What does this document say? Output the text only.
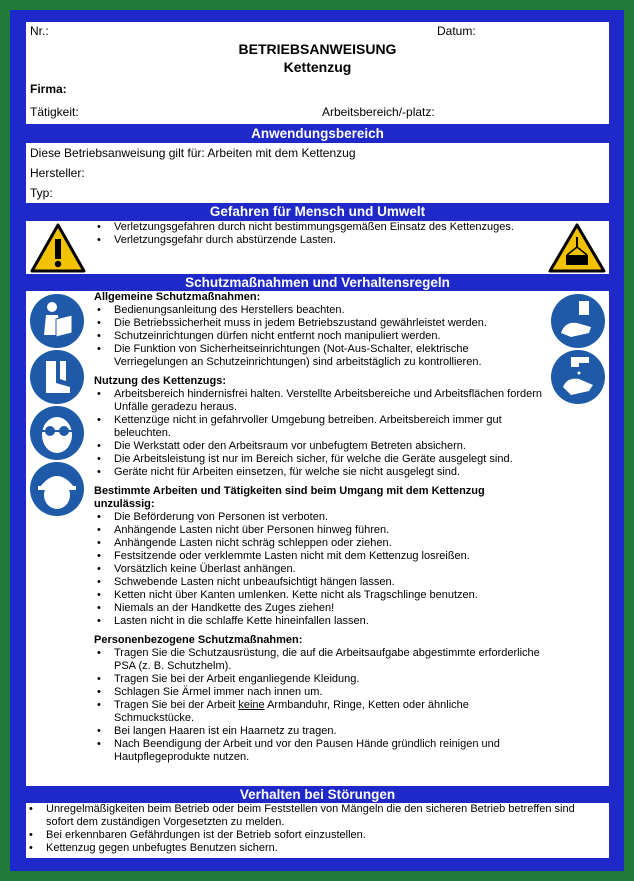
Nr.:	Datum:
BETRIEBSANWEISUNG
Kettenzug
Firma:
Tätigkeit:	Arbeitsbereich/-platz:
Anwendungsbereich
Diese Betriebsanweisung gilt für: Arbeiten mit dem Kettenzug
Hersteller:
Typ:
Gefahren für Mensch und Umwelt
• Verletzungsgefahren durch nicht bestimmungsgemäßen Einsatz des Kettenzuges.
• Verletzungsgefahr durch abstürzende Lasten.
Schutzmaßnahmen und Verhaltensregeln
Allgemeine Schutzmaßnahmen:
• Bedienungsanleitung des Herstellers beachten.
• Die Betriebssicherheit muss in jedem Betriebszustand gewährleistet werden.
• Schutzeinrichtungen dürfen nicht entfernt noch manipuliert werden.
• Die Funktion von Sicherheitseinrichtungen (Not-Aus-Schalter, elektrische Verriegelungen an Schutzeinrichtungen) sind arbeitstäglich zu kontrollieren.
Nutzung des Kettenzugs:
• Arbeitsbereich hindernisfrei halten. Verstellte Arbeitsbereiche und Arbeitsflächen fordern Unfälle geradezu heraus.
• Kettenzüge nicht in gefahrvoller Umgebung betreiben. Arbeitsbereich immer gut beleuchten.
• Die Werkstatt oder den Arbeitsraum vor unbefugtem Betreten absichern.
• Die Arbeitsleistung ist nur im Bereich sicher, für welche die Geräte ausgelegt sind.
• Geräte nicht für Arbeiten einsetzen, für welche sie nicht ausgelegt sind.
Bestimmte Arbeiten und Tätigkeiten sind beim Umgang mit dem Kettenzug unzulässig:
• Die Beförderung von Personen ist verboten.
• Anhängende Lasten nicht über Personen hinweg führen.
• Anhängende Lasten nicht schräg schleppen oder ziehen.
• Festsitzende oder verklemmte Lasten nicht mit dem Kettenzug losreißen.
• Vorsätzlich keine Überlast anhängen.
• Schwebende Lasten nicht unbeaufsichtigt hängen lassen.
• Ketten nicht über Kanten umlenken. Kette nicht als Tragschlinge benutzen.
• Niemals an der Handkette des Zuges ziehen!
• Lasten nicht in die schlaffe Kette hineinfallen lassen.
Personenbezogene Schutzmaßnahmen:
• Tragen Sie die Schutzausrüstung, die auf die Arbeitsaufgabe abgestimmte erforderliche PSA (z. B. Schutzhelm).
• Tragen Sie bei der Arbeit enganliegende Kleidung.
• Schlagen Sie Ärmel immer nach innen um.
• Tragen Sie bei der Arbeit keine Armbanduhr, Ringe, Ketten oder ähnliche Schmuckstücke.
• Bei langen Haaren ist ein Haarnetz zu tragen.
• Nach Beendigung der Arbeit und vor den Pausen Hände gründlich reinigen und Hautpflegeprodukte nutzen.
Verhalten bei Störungen
• Unregelmäßigkeiten beim Betrieb oder beim Feststellen von Mängeln die den sicheren Betrieb betreffen sind sofort dem zuständigen Vorgesetzten zu melden.
• Bei erkennbaren Gefährdungen ist der Betrieb sofort einzustellen.
• Kettenzug gegen unbefugtes Benutzen sichern.
